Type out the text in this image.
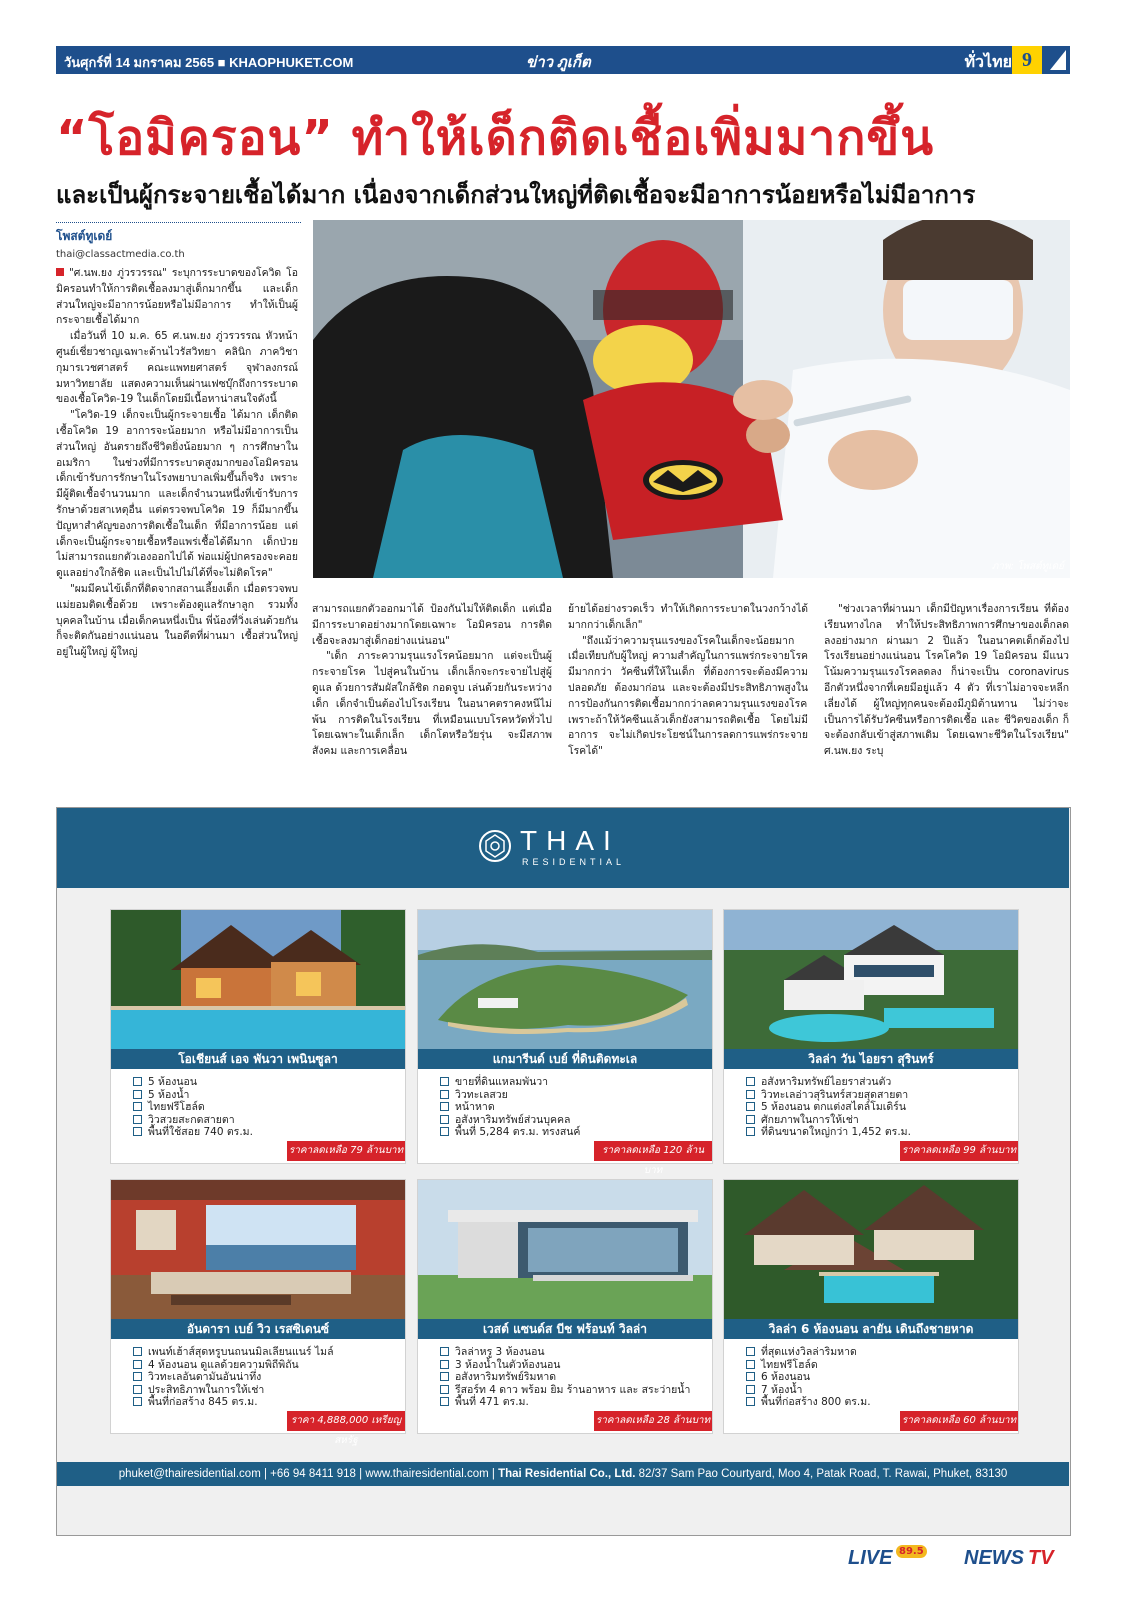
วันศุกร์ที่ 14 มกราคม 2565 ■ KHAOPHUKET.COM	ข่าว ภูเก็ต	ทั่วไทย 9
“โอมิครอน” ทำให้เด็กติดเชื้อเพิ่มมากขึ้น
และเป็นผู้กระจายเชื้อได้มาก เนื่องจากเด็กส่วนใหญ่ที่ติดเชื้อจะมีอาการน้อยหรือไม่มีอาการ
โพสต์ทูเดย์
thai@classactmedia.co.th

"ศ.นพ.ยง ภู่วรวรรณ" ระบุการระบาดของโควิด โอมิครอนทำให้การติดเชื้อลงมาสู่เด็กมากขึ้น และเด็กส่วนใหญ่จะมีอาการน้อยหรือไม่มีอาการ ทำให้เป็นผู้กระจายเชื้อได้มาก

เมื่อวันที่ 10 ม.ค. 65 ศ.นพ.ยง ภู่วรวรรณ หัวหน้าศูนย์เชี่ยวชาญเฉพาะด้านไวรัสวิทยา คลินิก ภาควิชากุมารเวชศาสตร์ คณะแพทยศาสตร์ จุฬาลงกรณ์มหาวิทยาลัย แสดงความเห็นผ่านเฟซบุ๊กถึงการระบาดของเชื้อโควิด-19 ในเด็กโดยมีเนื้อหาน่าสนใจดังนี้

"โควิด-19 เด็กจะเป็นผู้กระจายเชื้อ ได้มาก เด็กติดเชื้อโควิด 19 อาการจะน้อยมาก หรือไม่มีอาการเป็นส่วนใหญ่ อันตรายถึงชีวิตยิ่งน้อยมาก ๆ การศึกษาในอเมริกา ในช่วงที่มีการระบาดสูงมากของโอมิครอน เด็กเข้ารับการรักษาในโรงพยาบาลเพิ่มขึ้นก็จริง เพราะมีผู้ติดเชื้อจำนวนมาก และเด็กจำนวนหนึ่งที่เข้ารับการรักษาด้วยสาเหตุอื่น แต่ตรวจพบโควิด 19 ก็มีมากขึ้น ปัญหาสำคัญของการติดเชื้อในเด็ก ที่มีอาการน้อย แต่ เด็กจะเป็นผู้กระจายเชื้อหรือแพร่เชื้อได้ดีมาก เด็กป่วย ไม่สามารถแยกตัวเองออกไปได้ พ่อแม่ผู้ปกครองจะคอยดูแลอย่างใกล้ชิด และเป็นไปไม่ได้ที่จะไม่ติดโรค"

"ผมมีคนไข้เด็กที่ติดจากสถานเลี้ยงเด็ก เมื่อตรวจพบ แม่ยอมติดเชื้อด้วย เพราะต้องดูแลรักษาลูก รวมทั้งบุคคลในบ้าน เมื่อเด็กคนหนึ่งเป็น พี่น้องที่วิ่งเล่นด้วยกัน ก็จะติดกันอย่างแน่นอน ในอดีตที่ผ่านมา เชื้อส่วนใหญ่อยู่ในผู้ใหญ่ ผู้ใหญ่

สามารถแยกตัวออกมาได้ ป้องกันไม่ให้ติดเด็ก แต่เมื่อมีการระบาดอย่างมากโดยเฉพาะ โอมิครอน การติดเชื้อจะลงมาสู่เด็กอย่างแน่นอน"

"เด็ก ภาระความรุนแรงโรคน้อยมาก แต่จะเป็นผู้กระจายโรค ไปสู่คนในบ้าน เด็กเล็กจะกระจายไปสู่ผู้ดูแล ด้วยการสัมผัสใกล้ชิด กอดจูบ เล่นด้วยกันระหว่างเด็ก เด็กจำเป็นต้องไปโรงเรียน ในอนาคตราคงหนีไม่พ้น การติดในโรงเรียน ที่เหมือนแบบโรคหวัดทั่วไปโดยเฉพาะในเด็กเล็ก เด็กโตหรือวัยรุ่น จะมีสภาพสังคม และการเคลื่อน

ย้ายได้อย่างรวดเร็ว ทำให้เกิดการระบาดในวงกว้างได้มากกว่าเด็กเล็ก"

"ถึงแม้ว่าความรุนแรงของโรคในเด็กจะน้อยมาก เมื่อเทียบกับผู้ใหญ่ ความสำคัญในการแพร่กระจายโรคมีมากกว่า วัคซีนที่ให้ในเด็ก ที่ต้องการจะต้องมีความปลอดภัย ต้องมาก่อน และจะต้องมีประสิทธิภาพสูงในการป้องกันการติดเชื้อมากกว่าลดความรุนแรงของโรค เพราะถ้าให้วัคซีนแล้วเด็กยังสามารถติดเชื้อ โดยไม่มีอาการ จะไม่เกิดประโยชน์ในการลดการแพร่กระจายโรคได้"

"ช่วงเวลาที่ผ่านมา เด็กมีปัญหาเรื่องการเรียน ที่ต้องเรียนทางไกล ทำให้ประสิทธิภาพการศึกษาของเด็กลดลงอย่างมาก ผ่านมา 2 ปีแล้ว ในอนาคตเด็กต้องไปโรงเรียนอย่างแน่นอน โรคโควิด 19 โอมิครอน มีแนวโน้มความรุนแรงโรคลดลง ก็น่าจะเป็น coronavirus อีกตัวหนึ่งจากที่เคยมีอยู่แล้ว 4 ตัว ที่เราไม่อาจจะหลีกเลี่ยงได้ ผู้ใหญ่ทุกคนจะต้องมีภูมิต้านทาน ไม่ว่าจะเป็นการได้รับวัคซีนหรือการติดเชื้อ และ ชีวิตของเด็ก ก็จะต้องกลับเข้าสู่สภาพเดิม โดยเฉพาะชีวิตในโรงเรียน" ศ.นพ.ยง ระบุ

ภาพ: โพสต์ทูเดย์
THAI
RESIDENTIAL
โอเชียนส์ เอจ พันวา เพนินซูลา
5 ห้องนอน
5 ห้องน้ำ
ไทยฟรีโฮล์ด
วิวสวยสะกดสายตา
พื้นที่ใช้สอย 740 ตร.ม.
ราคาลดเหลือ 79 ล้านบาท
แกมารีนด์ เบย์ ที่ดินติดทะเล
ขายที่ดินแหลมพันวา
วิวทะเลสวย
หน้าหาด
อสังหาริมทรัพย์ส่วนบุคคล
พื้นที่ 5,284 ตร.ม. ทรงสนค์
ราคาลดเหลือ 120 ล้านบาท
วิลล่า วัน ไอยรา สุรินทร์
อสังหาริมทรัพย์ไอยราส่วนตัว
วิวทะเลอ่าวสุรินทร์สวยสุดสายตา
5 ห้องนอน ตกแต่งสไตล์โมเดิร์น
ศักยภาพในการให้เช่า
ที่ดินขนาดใหญ่กว่า 1,452 ตร.ม.
ราคาลดเหลือ 99 ล้านบาท
อันดารา เบย์ วิว เรสซิเดนซ์
เพนท์เฮ้าส์สุดหรูบนถนนมิลเลียนแนร์ ไมล์
4 ห้องนอน ดูแลด้วยความพิถีพิถัน
วิวทะเลอันดามันอันน่าทึ่ง
ประสิทธิภาพในการให้เช่า
พื้นที่ก่อสร้าง 845 ตร.ม.
ราคา 4,888,000 เหรียญสหรัฐ
เวสต์ แซนด์ส บีช ฟร้อนท์ วิลล่า
วิลล่าหรู 3 ห้องนอน
3 ห้องน้ำในตัวห้องนอน
อสังหาริมทรัพย์ริมหาด
รีสอร์ท 4 ดาว พร้อม ยิม ร้านอาหาร และ สระว่ายน้ำ
พื้นที่ 471 ตร.ม.
ราคาลดเหลือ 28 ล้านบาท
วิลล่า 6 ห้องนอน ลายัน เดินถึงชายหาด
ที่สุดแห่งวิลล่าริมหาด
ไทยฟรีโฮล์ด
6 ห้องนอน
7 ห้องน้ำ
พื้นที่ก่อสร้าง 800 ตร.ม.
ราคาลดเหลือ 60 ล้านบาท
phuket@thairesidential.com | +66 94 8411 918 | www.thairesidential.com | Thai Residential Co., Ltd. 82/37 Sam Pao Courtyard, Moo 4, Patak Road, T. Rawai, Phuket, 83130
LIVE 89.5 NEWS TV
